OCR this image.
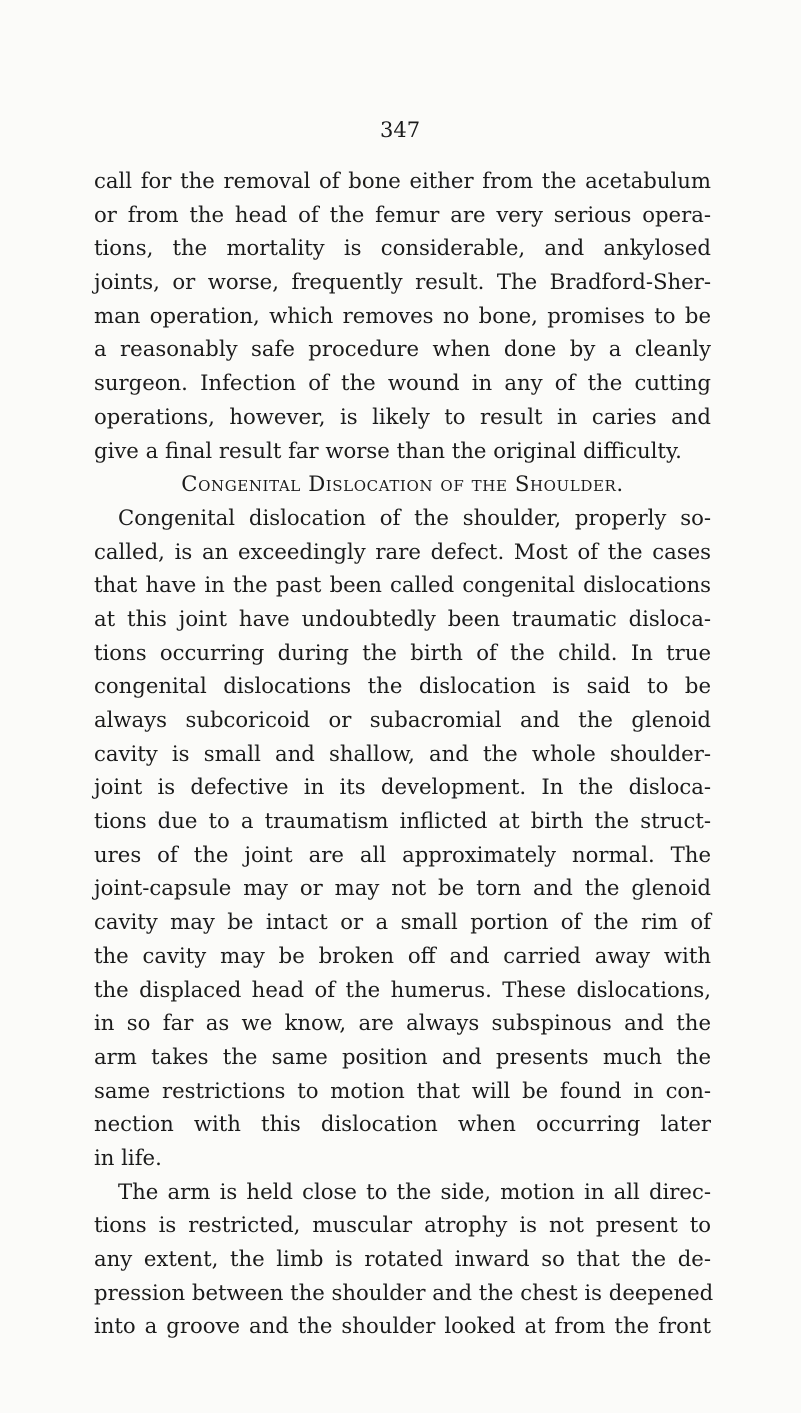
347

call for the removal of bone either from the acetabulum
or from the head of the femur are very serious opera-
tions, the mortality is considerable, and ankylosed
joints, or worse, frequently result. The Bradford-Sher-
man operation, which removes no bone, promises to be
a reasonably safe procedure when done by a cleanly
surgeon. Infection of the wound in any of the cutting
operations, however, is likely to result in caries and
give a final result far worse than the original difficulty.
Congenital Dislocation of the Shoulder.
Congenital dislocation of the shoulder, properly so-
called, is an exceedingly rare defect. Most of the cases
that have in the past been called congenital dislocations
at this joint have undoubtedly been traumatic disloca-
tions occurring during the birth of the child. In true
congenital dislocations the dislocation is said to be
always subcoricoid or subacromial and the glenoid
cavity is small and shallow, and the whole shoulder-
joint is defective in its development. In the disloca-
tions due to a traumatism inflicted at birth the struct-
ures of the joint are all approximately normal. The
joint-capsule may or may not be torn and the glenoid
cavity may be intact or a small portion of the rim of
the cavity may be broken off and carried away with
the displaced head of the humerus. These dislocations,
in so far as we know, are always subspinous and the
arm takes the same position and presents much the
same restrictions to motion that will be found in con-
nection with this dislocation when occurring later
in life.
The arm is held close to the side, motion in all direc-
tions is restricted, muscular atrophy is not present to
any extent, the limb is rotated inward so that the de-
pression between the shoulder and the chest is deepened
into a groove and the shoulder looked at from the front
